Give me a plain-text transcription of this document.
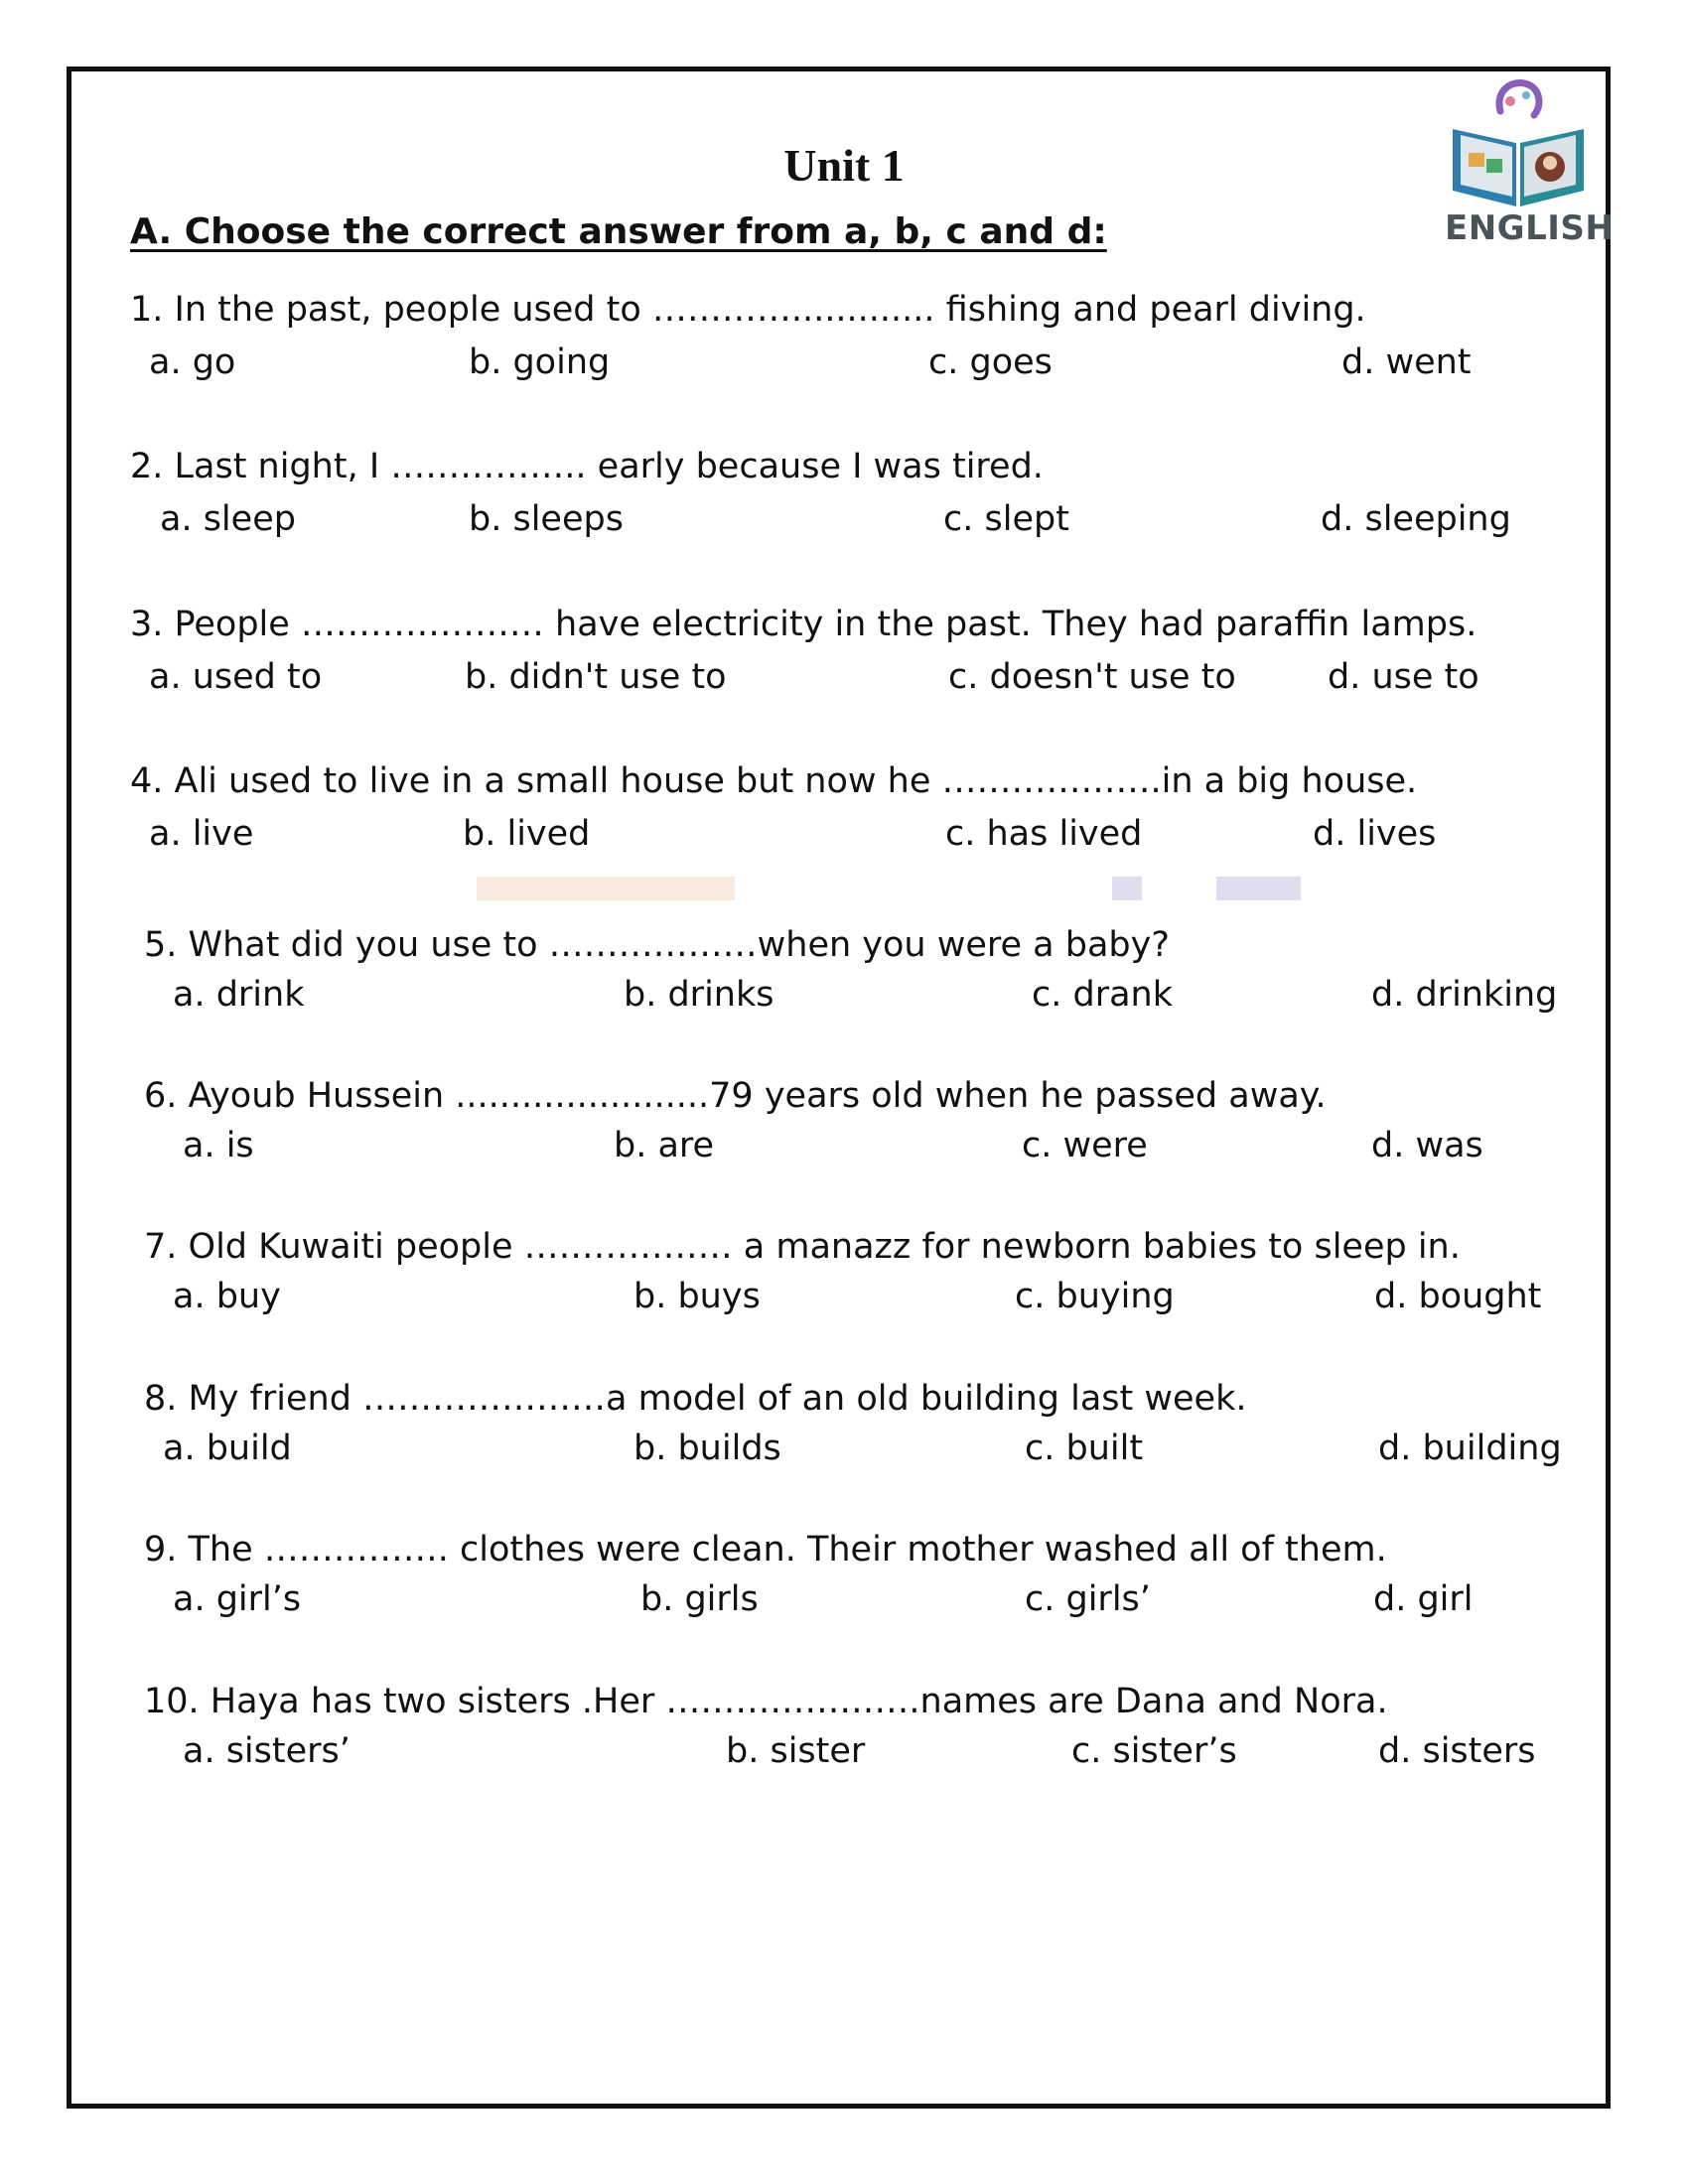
Unit 1
A. Choose the correct answer from a, b, c and d:	ENGLISH
1. In the past, people used to …………............. fishing and pearl diving.
a. go	b. going	c. goes	d. went
2. Last night, I …………….. early because I was tired.
a. sleep	b. sleeps	c. slept	d. sleeping
3. People ………………… have electricity in the past. They had paraffin lamps.
a. used to	b. didn't use to	c. doesn't use to	d. use to
4. Ali used to live in a small house but now he ……………….in a big house.
a. live	b. lived	c. has lived	d. lives
5. What did you use to ………………when you were a baby?
a. drink	b. drinks	c. drank	d. drinking
6. Ayoub Hussein .......................79 years old when he passed away.
a. is	b. are	c. were	d. was
7. Old Kuwaiti people ……………… a manazz for newborn babies to sleep in.
a. buy	b. buys	c. buying	d. bought
8. My friend …………………a model of an old building last week.
a. build	b. builds	c. built	d. building
9. The ……………. clothes were clean. Their mother washed all of them.
a. girl’s	b. girls	c. girls’	d. girl
10. Haya has two sisters .Her ………………….names are Dana and Nora.
a. sisters’	b. sister	c. sister’s	d. sisters
